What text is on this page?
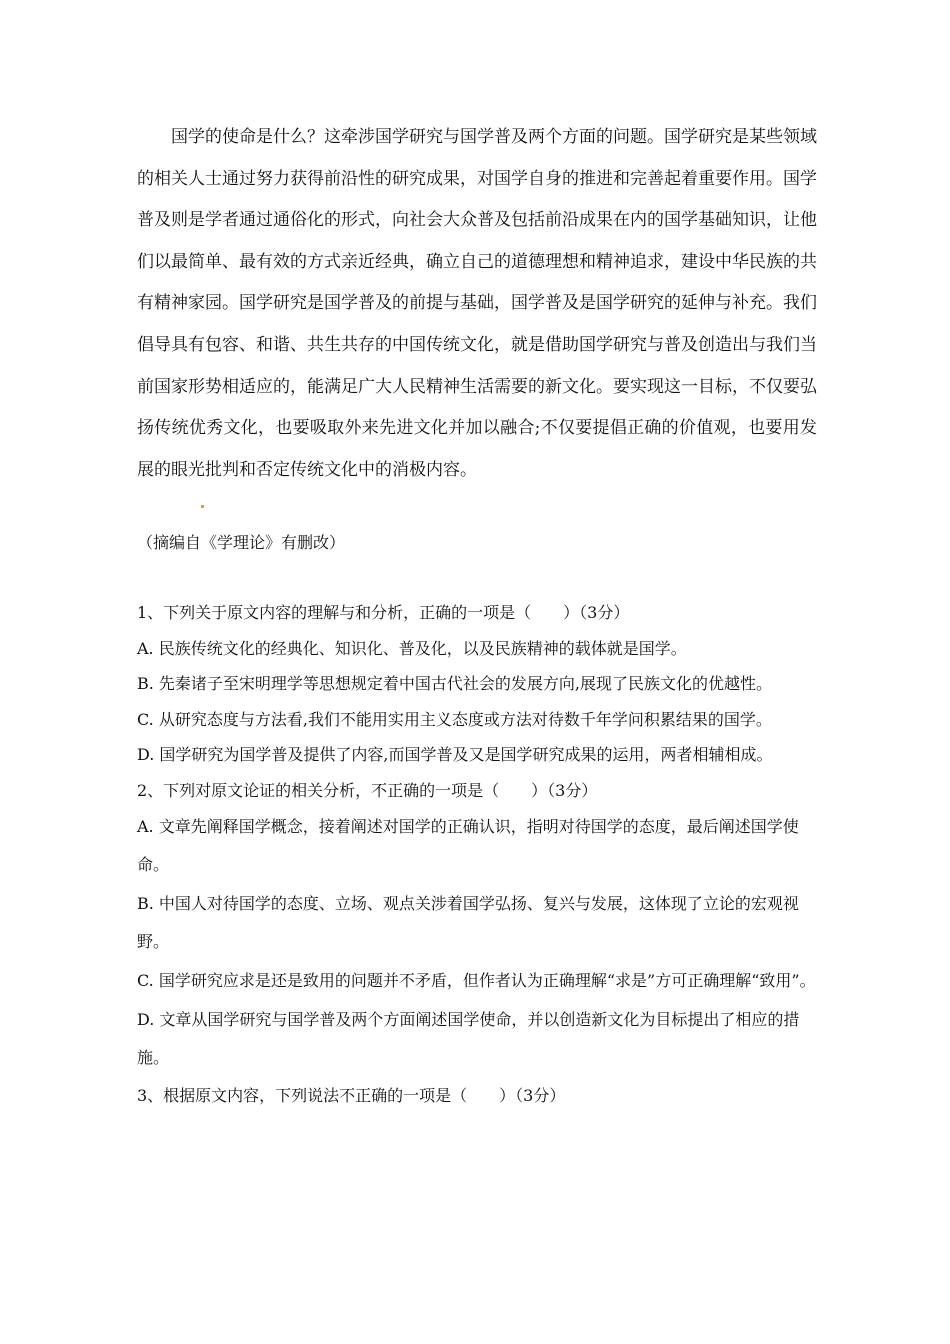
国学的使命是什么？这牵涉国学研究与国学普及两个方面的问题。国学研究是某些领域的相关人士通过努力获得前沿性的研究成果，对国学自身的推进和完善起着重要作用。国学普及则是学者通过通俗化的形式，向社会大众普及包括前沿成果在内的国学基础知识，让他们以最简单、最有效的方式亲近经典，确立自己的道德理想和精神追求，建设中华民族的共有精神家园。国学研究是国学普及的前提与基础，国学普及是国学研究的延伸与补充。我们倡导具有包容、和谐、共生共存的中国传统文化，就是借助国学研究与普及创造出与我们当前国家形势相适应的，能满足广大人民精神生活需要的新文化。要实现这一目标，不仅要弘扬传统优秀文化，也要吸取外来先进文化并加以融合;不仅要提倡正确的价值观，也要用发展的眼光批判和否定传统文化中的消极内容。

（摘编自《学理论》有删改）

1、下列关于原文内容的理解与和分析，正确的一项是（　　）（3分）
A. 民族传统文化的经典化、知识化、普及化，以及民族精神的载体就是国学。
B. 先秦诸子至宋明理学等思想规定着中国古代社会的发展方向,展现了民族文化的优越性。
C. 从研究态度与方法看,我们不能用实用主义态度或方法对待数千年学问积累结果的国学。
D. 国学研究为国学普及提供了内容,而国学普及又是国学研究成果的运用，两者相辅相成。
2、下列对原文论证的相关分析，不正确的一项是（　　）（3分）
A. 文章先阐释国学概念，接着阐述对国学的正确认识，指明对待国学的态度，最后阐述国学使命。
B. 中国人对待国学的态度、立场、观点关涉着国学弘扬、复兴与发展，这体现了立论的宏观视野。
C. 国学研究应求是还是致用的问题并不矛盾，但作者认为正确理解“求是”方可正确理解“致用”。
D. 文章从国学研究与国学普及两个方面阐述国学使命，并以创造新文化为目标提出了相应的措施。
3、根据原文内容，下列说法不正确的一项是（　　）（3分）
